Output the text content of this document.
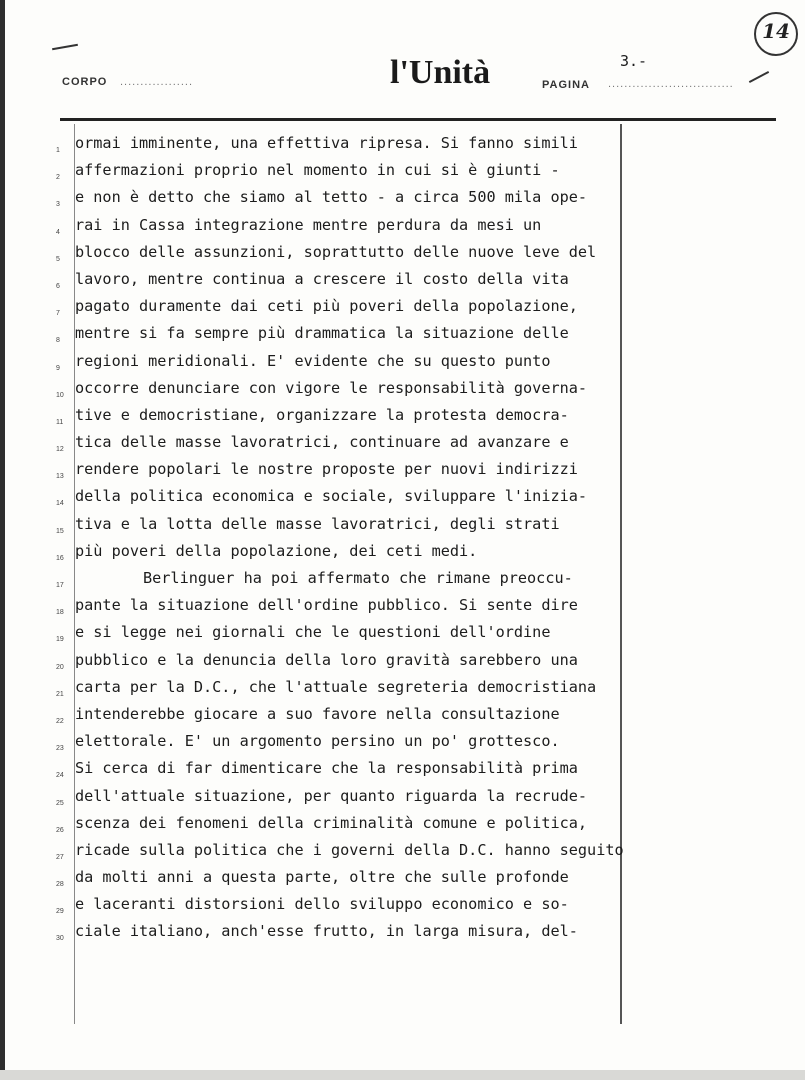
CORPO ..................	l'Unità	PAGINA ...............................
3.-
14
1
2
3
4
5
6
7
8
9
10
11
12
13
14
15
16
17
18
19
20
21
22
23
24
25
26
27
28
29
30
ormai imminente, una effettiva ripresa. Si fanno simili
affermazioni proprio nel momento in cui si è giunti -
e non è detto che siamo al tetto - a circa 500 mila ope-
rai in Cassa integrazione mentre perdura da mesi un
blocco delle assunzioni, soprattutto delle nuove leve del
lavoro, mentre continua a crescere il costo della vita
pagato duramente dai ceti più poveri della popolazione,
mentre si fa sempre più drammatica la situazione delle
regioni meridionali. E' evidente che su questo punto
occorre denunciare con vigore le responsabilità governa-
tive e democristiane, organizzare la protesta democra-
tica delle masse lavoratrici, continuare ad avanzare e
rendere popolari le nostre proposte per nuovi indirizzi
della politica economica e sociale, sviluppare l'inizia-
tiva e la lotta delle masse lavoratrici, degli strati
più poveri della popolazione, dei ceti medi.
Berlinguer ha poi affermato che rimane preoccu-
pante la situazione dell'ordine pubblico. Si sente dire
e si legge nei giornali che le questioni dell'ordine
pubblico e la denuncia della loro gravità sarebbero una
carta per la D.C., che l'attuale segreteria democristiana
intenderebbe giocare a suo favore nella consultazione
elettorale. E' un argomento persino un po' grottesco.
Si cerca di far dimenticare che la responsabilità prima
dell'attuale situazione, per quanto riguarda la recrude-
scenza dei fenomeni della criminalità comune e politica,
ricade sulla politica che i governi della D.C. hanno seguito
da molti anni a questa parte, oltre che sulle profonde
e laceranti distorsioni dello sviluppo economico e so-
ciale italiano, anch'esse frutto, in larga misura, del-
